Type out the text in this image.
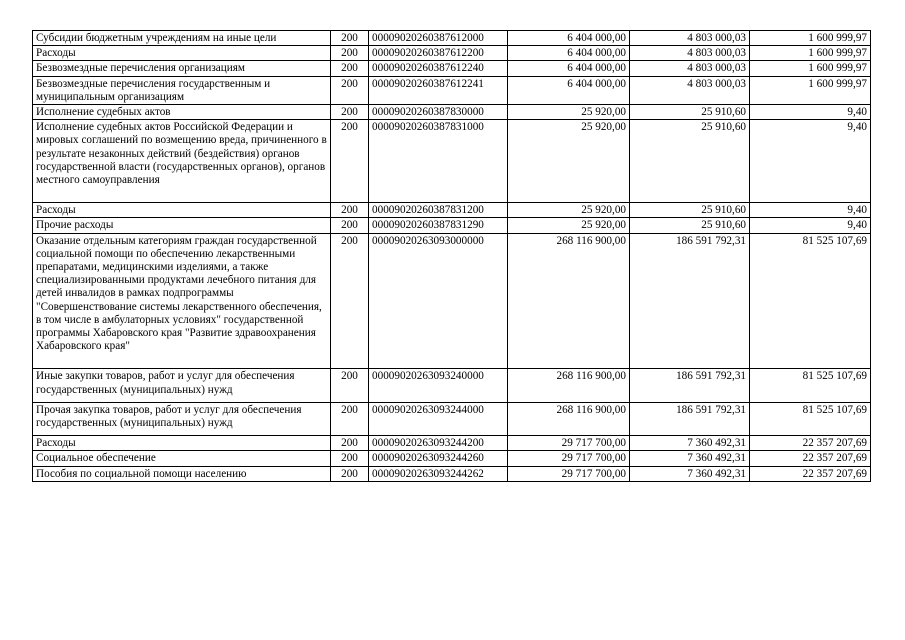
Субсидии бюджетным учреждениям на иные цели	200	00009020260387612000	6 404 000,00	4 803 000,03	1 600 999,97
Расходы	200	00009020260387612200	6 404 000,00	4 803 000,03	1 600 999,97
Безвозмездные перечисления организациям	200	00009020260387612240	6 404 000,00	4 803 000,03	1 600 999,97
Безвозмездные перечисления государственным и муниципальным организациям	200	00009020260387612241	6 404 000,00	4 803 000,03	1 600 999,97
Исполнение судебных актов	200	00009020260387830000	25 920,00	25 910,60	9,40
Исполнение судебных актов Российской Федерации и мировых соглашений по возмещению вреда, причиненного в результате незаконных действий (бездействия) органов государственной власти (государственных органов), органов местного самоуправления	200	00009020260387831000	25 920,00	25 910,60	9,40
Расходы	200	00009020260387831200	25 920,00	25 910,60	9,40
Прочие расходы	200	00009020260387831290	25 920,00	25 910,60	9,40
Оказание отдельным категориям граждан государственной социальной помощи по обеспечению лекарственными препаратами, медицинскими изделиями, а также специализированными продуктами лечебного питания для детей инвалидов в рамках подпрограммы "Совершенствование системы лекарственного обеспечения, в том числе в амбулаторных условиях" государственной программы Хабаровского края "Развитие здравоохранения Хабаровского края"	200	00009020263093000000	268 116 900,00	186 591 792,31	81 525 107,69
Иные закупки товаров, работ и услуг для обеспечения государственных (муниципальных) нужд	200	00009020263093240000	268 116 900,00	186 591 792,31	81 525 107,69
Прочая закупка товаров, работ и услуг для обеспечения государственных (муниципальных) нужд	200	00009020263093244000	268 116 900,00	186 591 792,31	81 525 107,69
Расходы	200	00009020263093244200	29 717 700,00	7 360 492,31	22 357 207,69
Социальное обеспечение	200	00009020263093244260	29 717 700,00	7 360 492,31	22 357 207,69
Пособия по социальной помощи населению	200	00009020263093244262	29 717 700,00	7 360 492,31	22 357 207,69
